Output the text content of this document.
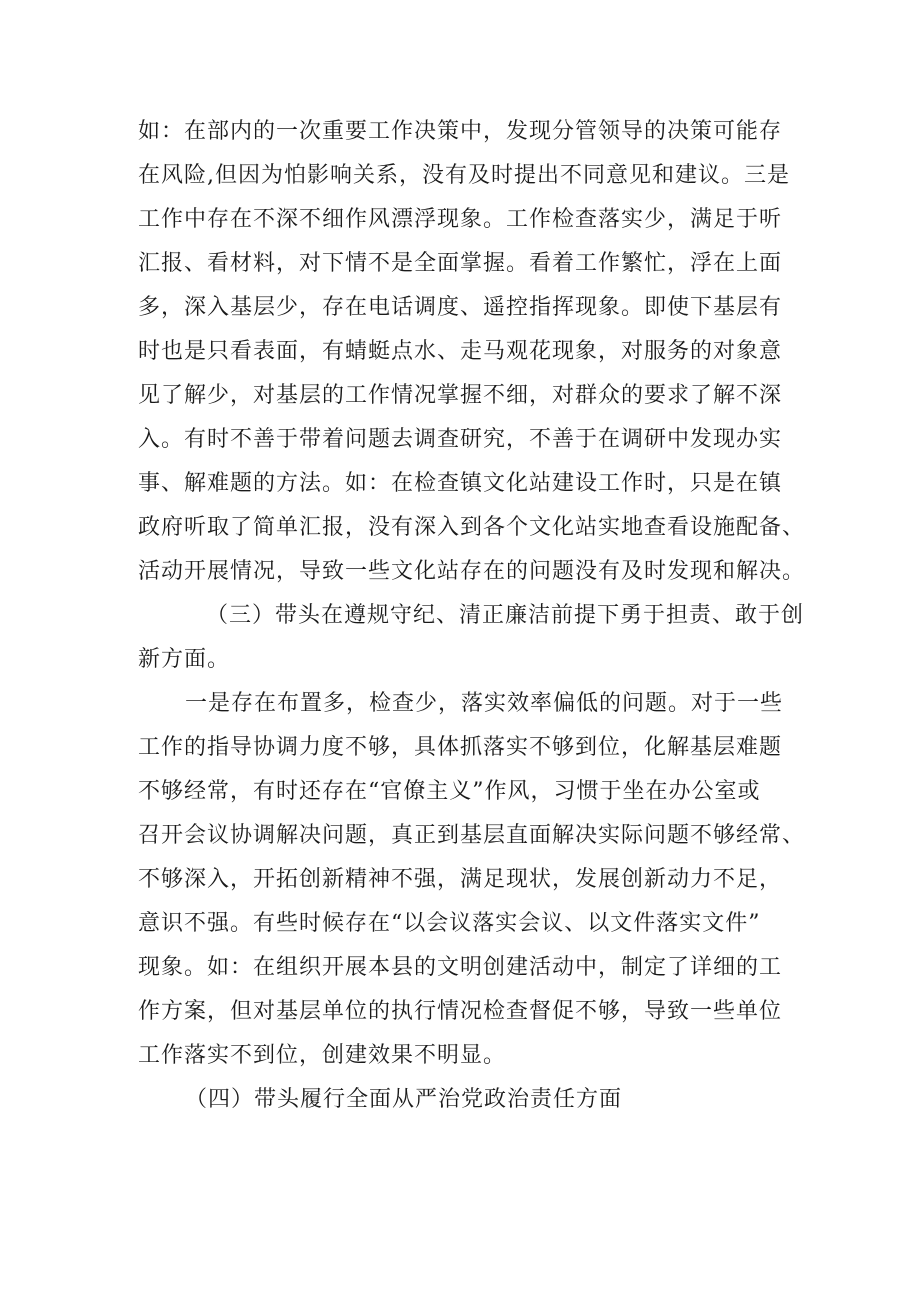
如：在部内的一次重要工作决策中，发现分管领导的决策可能存
在风险,但因为怕影响关系，没有及时提出不同意见和建议。三是
工作中存在不深不细作风漂浮现象。工作检查落实少，满足于听
汇报、看材料，对下情不是全面掌握。看着工作繁忙，浮在上面
多，深入基层少，存在电话调度、遥控指挥现象。即使下基层有
时也是只看表面，有蜻蜓点水、走马观花现象，对服务的对象意
见了解少，对基层的工作情况掌握不细，对群众的要求了解不深
入。有时不善于带着问题去调查研究，不善于在调研中发现办实
事、解难题的方法。如：在检查镇文化站建设工作时，只是在镇
政府听取了简单汇报，没有深入到各个文化站实地查看设施配备、
活动开展情况，导致一些文化站存在的问题没有及时发现和解决。
（三）带头在遵规守纪、清正廉洁前提下勇于担责、敢于创
新方面。
一是存在布置多，检查少，落实效率偏低的问题。对于一些
工作的指导协调力度不够，具体抓落实不够到位，化解基层难题
不够经常，有时还存在“官僚主义”作风，习惯于坐在办公室或
召开会议协调解决问题，真正到基层直面解决实际问题不够经常、
不够深入，开拓创新精神不强，满足现状，发展创新动力不足，
意识不强。有些时候存在“以会议落实会议、以文件落实文件”
现象。如：在组织开展本县的文明创建活动中，制定了详细的工
作方案，但对基层单位的执行情况检查督促不够，导致一些单位
工作落实不到位，创建效果不明显。
（四）带头履行全面从严治党政治责任方面
